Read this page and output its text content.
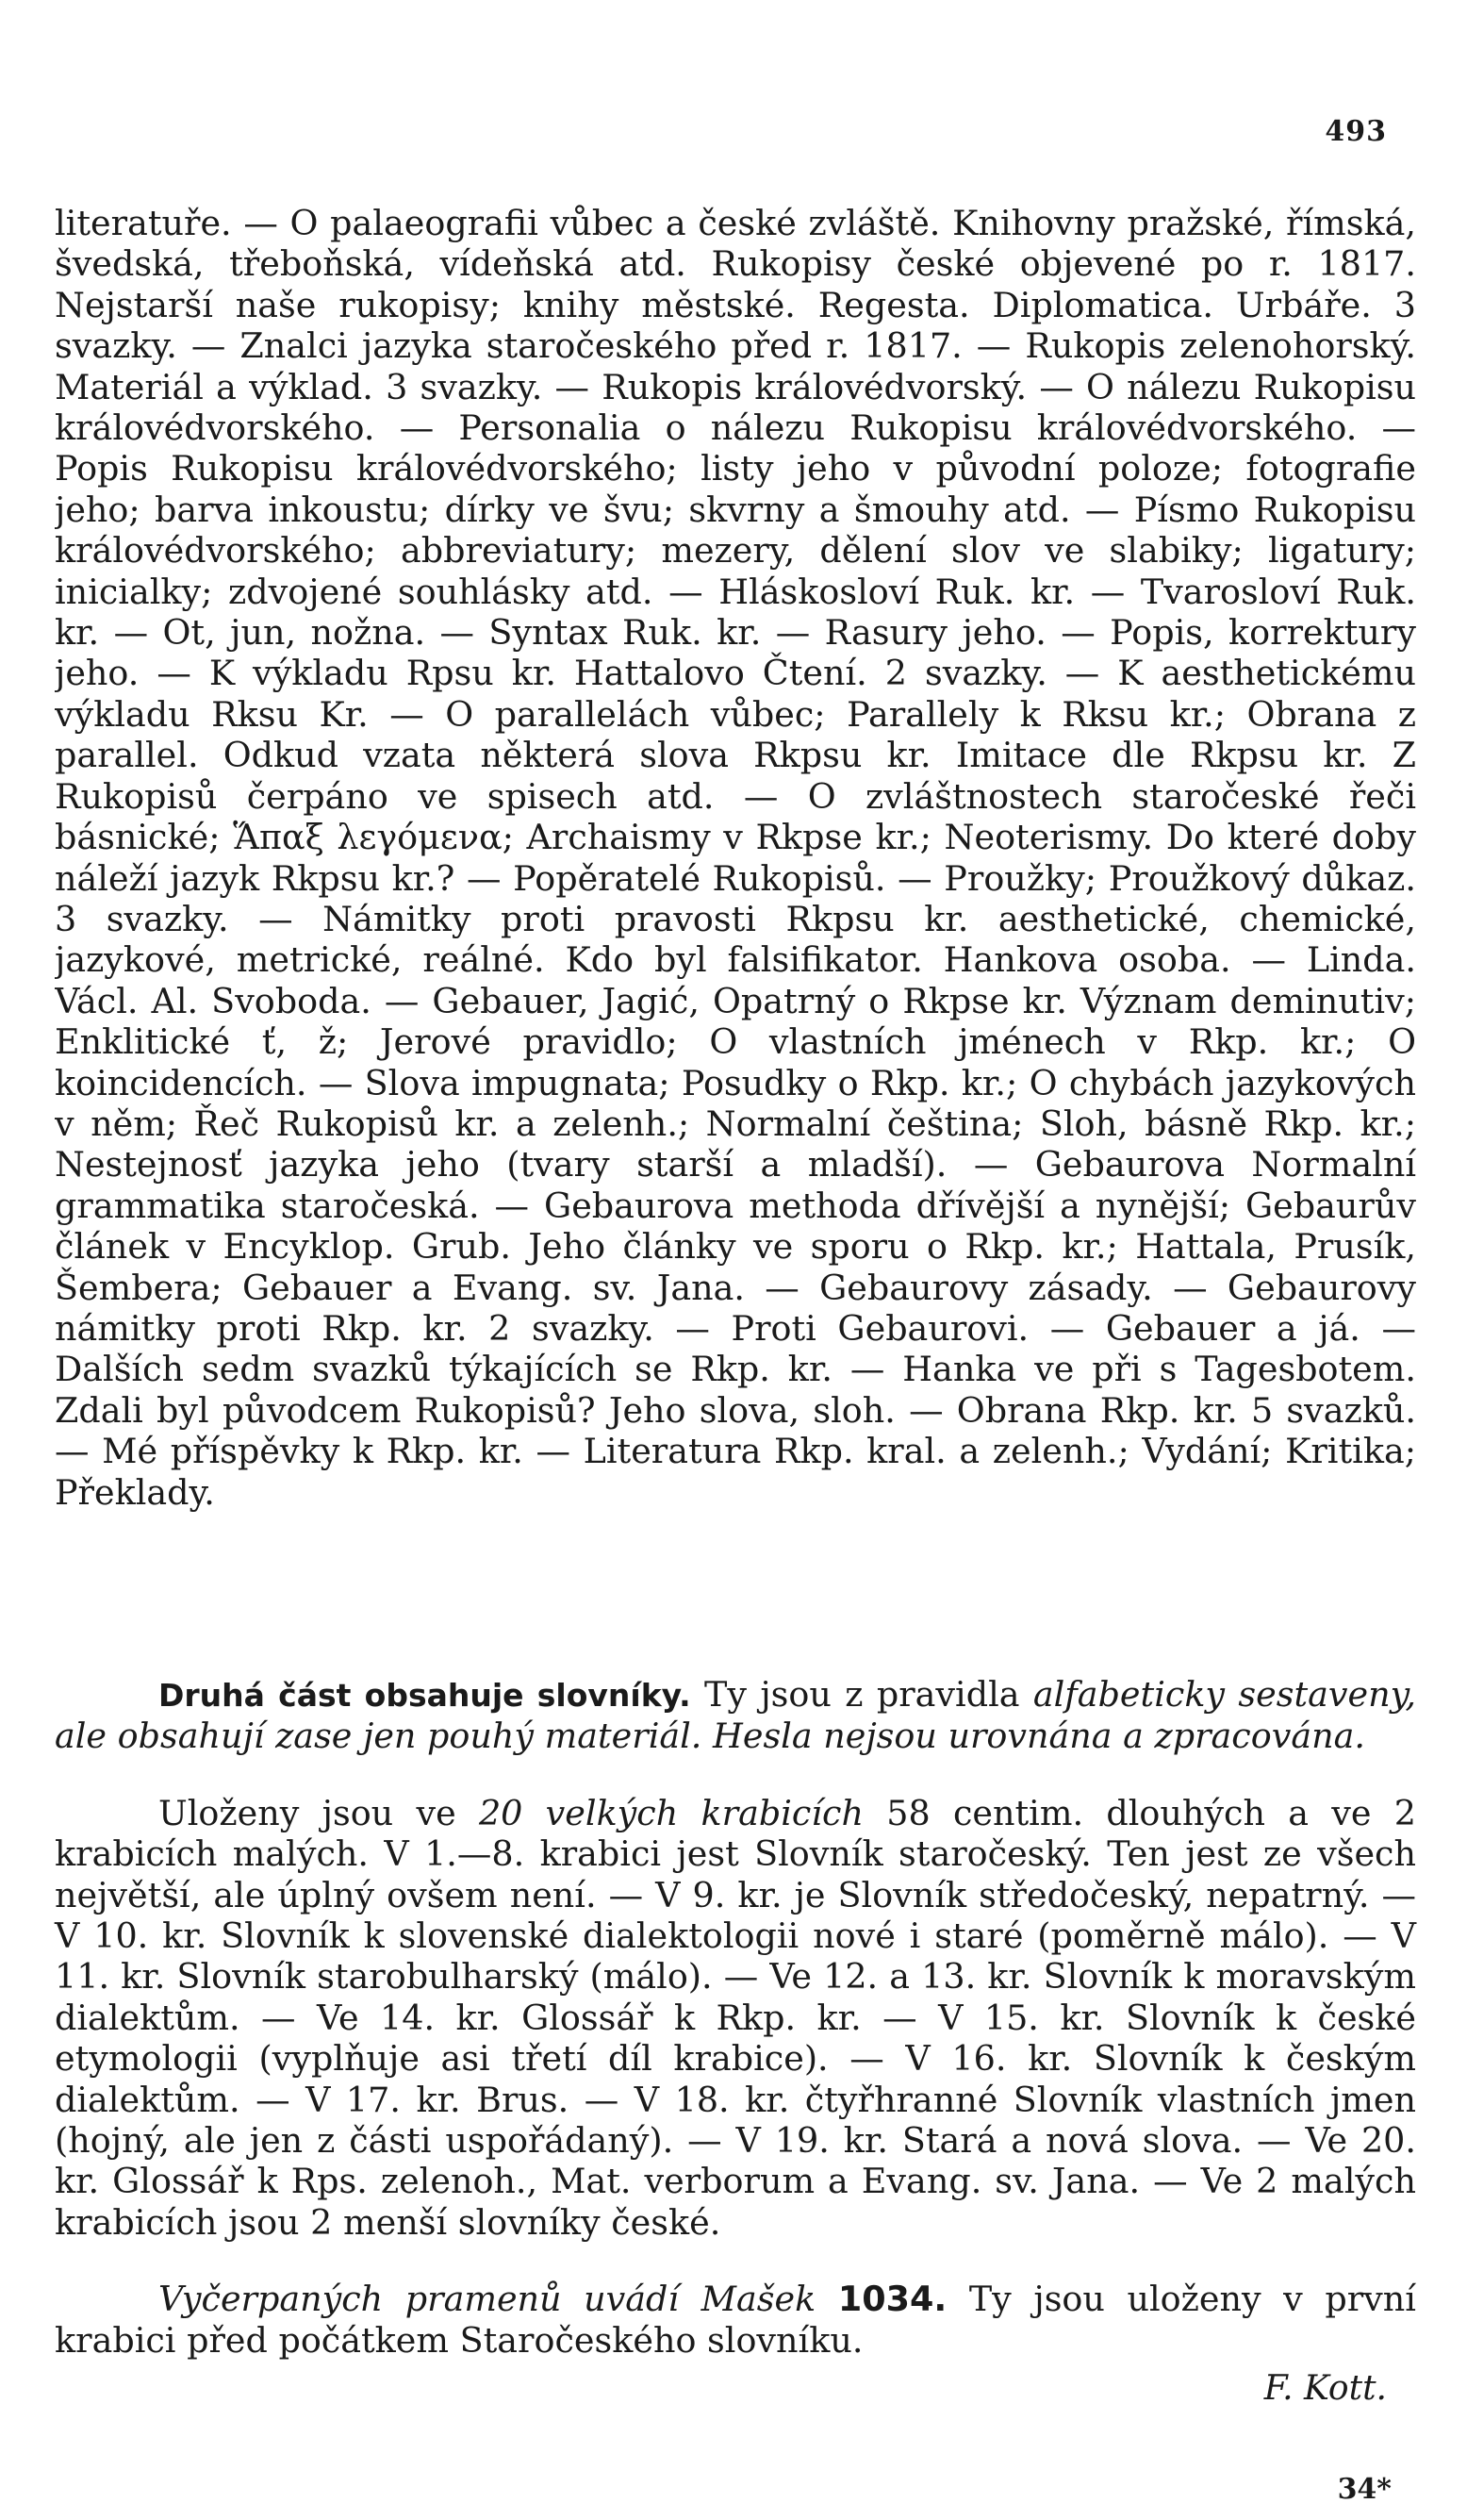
493

literatuře. — O palaeografii vůbec a české zvláště. Knihovny pražské, římská, švedská, třeboňská, vídeňská atd. Rukopisy české objevené po r. 1817. Nejstarší naše rukopisy; knihy městské. Regesta. Diplomatica. Urbáře. 3 svazky. — Znalci jazyka staročeského před r. 1817. — Rukopis zelenohorský. Materiál a výklad. 3 svazky. — Rukopis královédvorský. — O nálezu Rukopisu královédvorského. — Personalia o nálezu Rukopisu královédvorského. — Popis Rukopisu královédvorského; listy jeho v původní poloze; fotografie jeho; barva inkoustu; dírky ve švu; skvrny a šmouhy atd. — Písmo Rukopisu královédvorského; abbreviatury; mezery, dělení slov ve slabiky; ligatury; inicialky; zdvojené souhlásky atd. — Hláskosloví Ruk. kr. — Tvarosloví Ruk. kr. — Ot, jun, nožna. — Syntax Ruk. kr. — Rasury jeho. — Popis, korrektury jeho. — K výkladu Rpsu kr. Hattalovo Čtení. 2 svazky. — K aesthetickému výkladu Rksu Kr. — O parallelách vůbec; Parallely k Rksu kr.; Obrana z parallel. Odkud vzata některá slova Rkpsu kr. Imitace dle Rkpsu kr. Z Rukopisů čerpáno ve spisech atd. — O zvláštnostech staročeské řeči básnické; Ἅπαξ λεγόμενα; Archaismy v Rkpse kr.; Neoterismy. Do které doby náleží jazyk Rkpsu kr.? — Popěratelé Rukopisů. — Proužky; Proužkový důkaz. 3 svazky. — Námitky proti pravosti Rkpsu kr. aesthetické, chemické, jazykové, metrické, reálné. Kdo byl falsifikator. Hankova osoba. — Linda. Václ. Al. Svoboda. — Gebauer, Jagić, Opatrný o Rkpse kr. Význam deminutiv; Enklitické ť, ž; Jerové pravidlo; O vlastních jménech v Rkp. kr.; O koincidencích. — Slova impugnata; Posudky o Rkp. kr.; O chybách jazykových v něm; Řeč Rukopisů kr. a zelenh.; Normalní čeština; Sloh, básně Rkp. kr.; Nestejnosť jazyka jeho (tvary starší a mladší). — Gebaurova Normalní grammatika staročeská. — Gebaurova methoda dřívější a nynější; Gebaurův článek v Encyklop. Grub. Jeho články ve sporu o Rkp. kr.; Hattala, Prusík, Šembera; Gebauer a Evang. sv. Jana. — Gebaurovy zásady. — Gebaurovy námitky proti Rkp. kr. 2 svazky. — Proti Gebaurovi. — Gebauer a já. — Dalších sedm svazků týkajících se Rkp. kr. — Hanka ve při s Tagesbotem. Zdali byl původcem Rukopisů? Jeho slova, sloh. — Obrana Rkp. kr. 5 svazků. — Mé příspěvky k Rkp. kr. — Literatura Rkp. kral. a zelenh.; Vydání; Kritika; Překlady.

Druhá část obsahuje slovníky. Ty jsou z pravidla alfabeticky sestaveny, ale obsahují zase jen pouhý materiál. Hesla nejsou urovnána a zpracována.

Uloženy jsou ve 20 velkých krabicích 58 centim. dlouhých a ve 2 krabicích malých. V 1.—8. krabici jest Slovník staročeský. Ten jest ze všech největší, ale úplný ovšem není. — V 9. kr. je Slovník středočeský, nepatrný. — V 10. kr. Slovník k slovenské dialektologii nové i staré (poměrně málo). — V 11. kr. Slovník starobulharský (málo). — Ve 12. a 13. kr. Slovník k moravským dialektům. — Ve 14. kr. Glossář k Rkp. kr. — V 15. kr. Slovník k české etymologii (vyplňuje asi třetí díl krabice). — V 16. kr. Slovník k českým dialektům. — V 17. kr. Brus. — V 18. kr. čtyřhranné Slovník vlastních jmen (hojný, ale jen z části uspořádaný). — V 19. kr. Stará a nová slova. — Ve 20. kr. Glossář k Rps. zelenoh., Mat. verborum a Evang. sv. Jana. — Ve 2 malých krabicích jsou 2 menší slovníky české.

Vyčerpaných pramenů uvádí Mašek 1034. Ty jsou uloženy v první krabici před počátkem Staročeského slovníku.

F. Kott.
34*
